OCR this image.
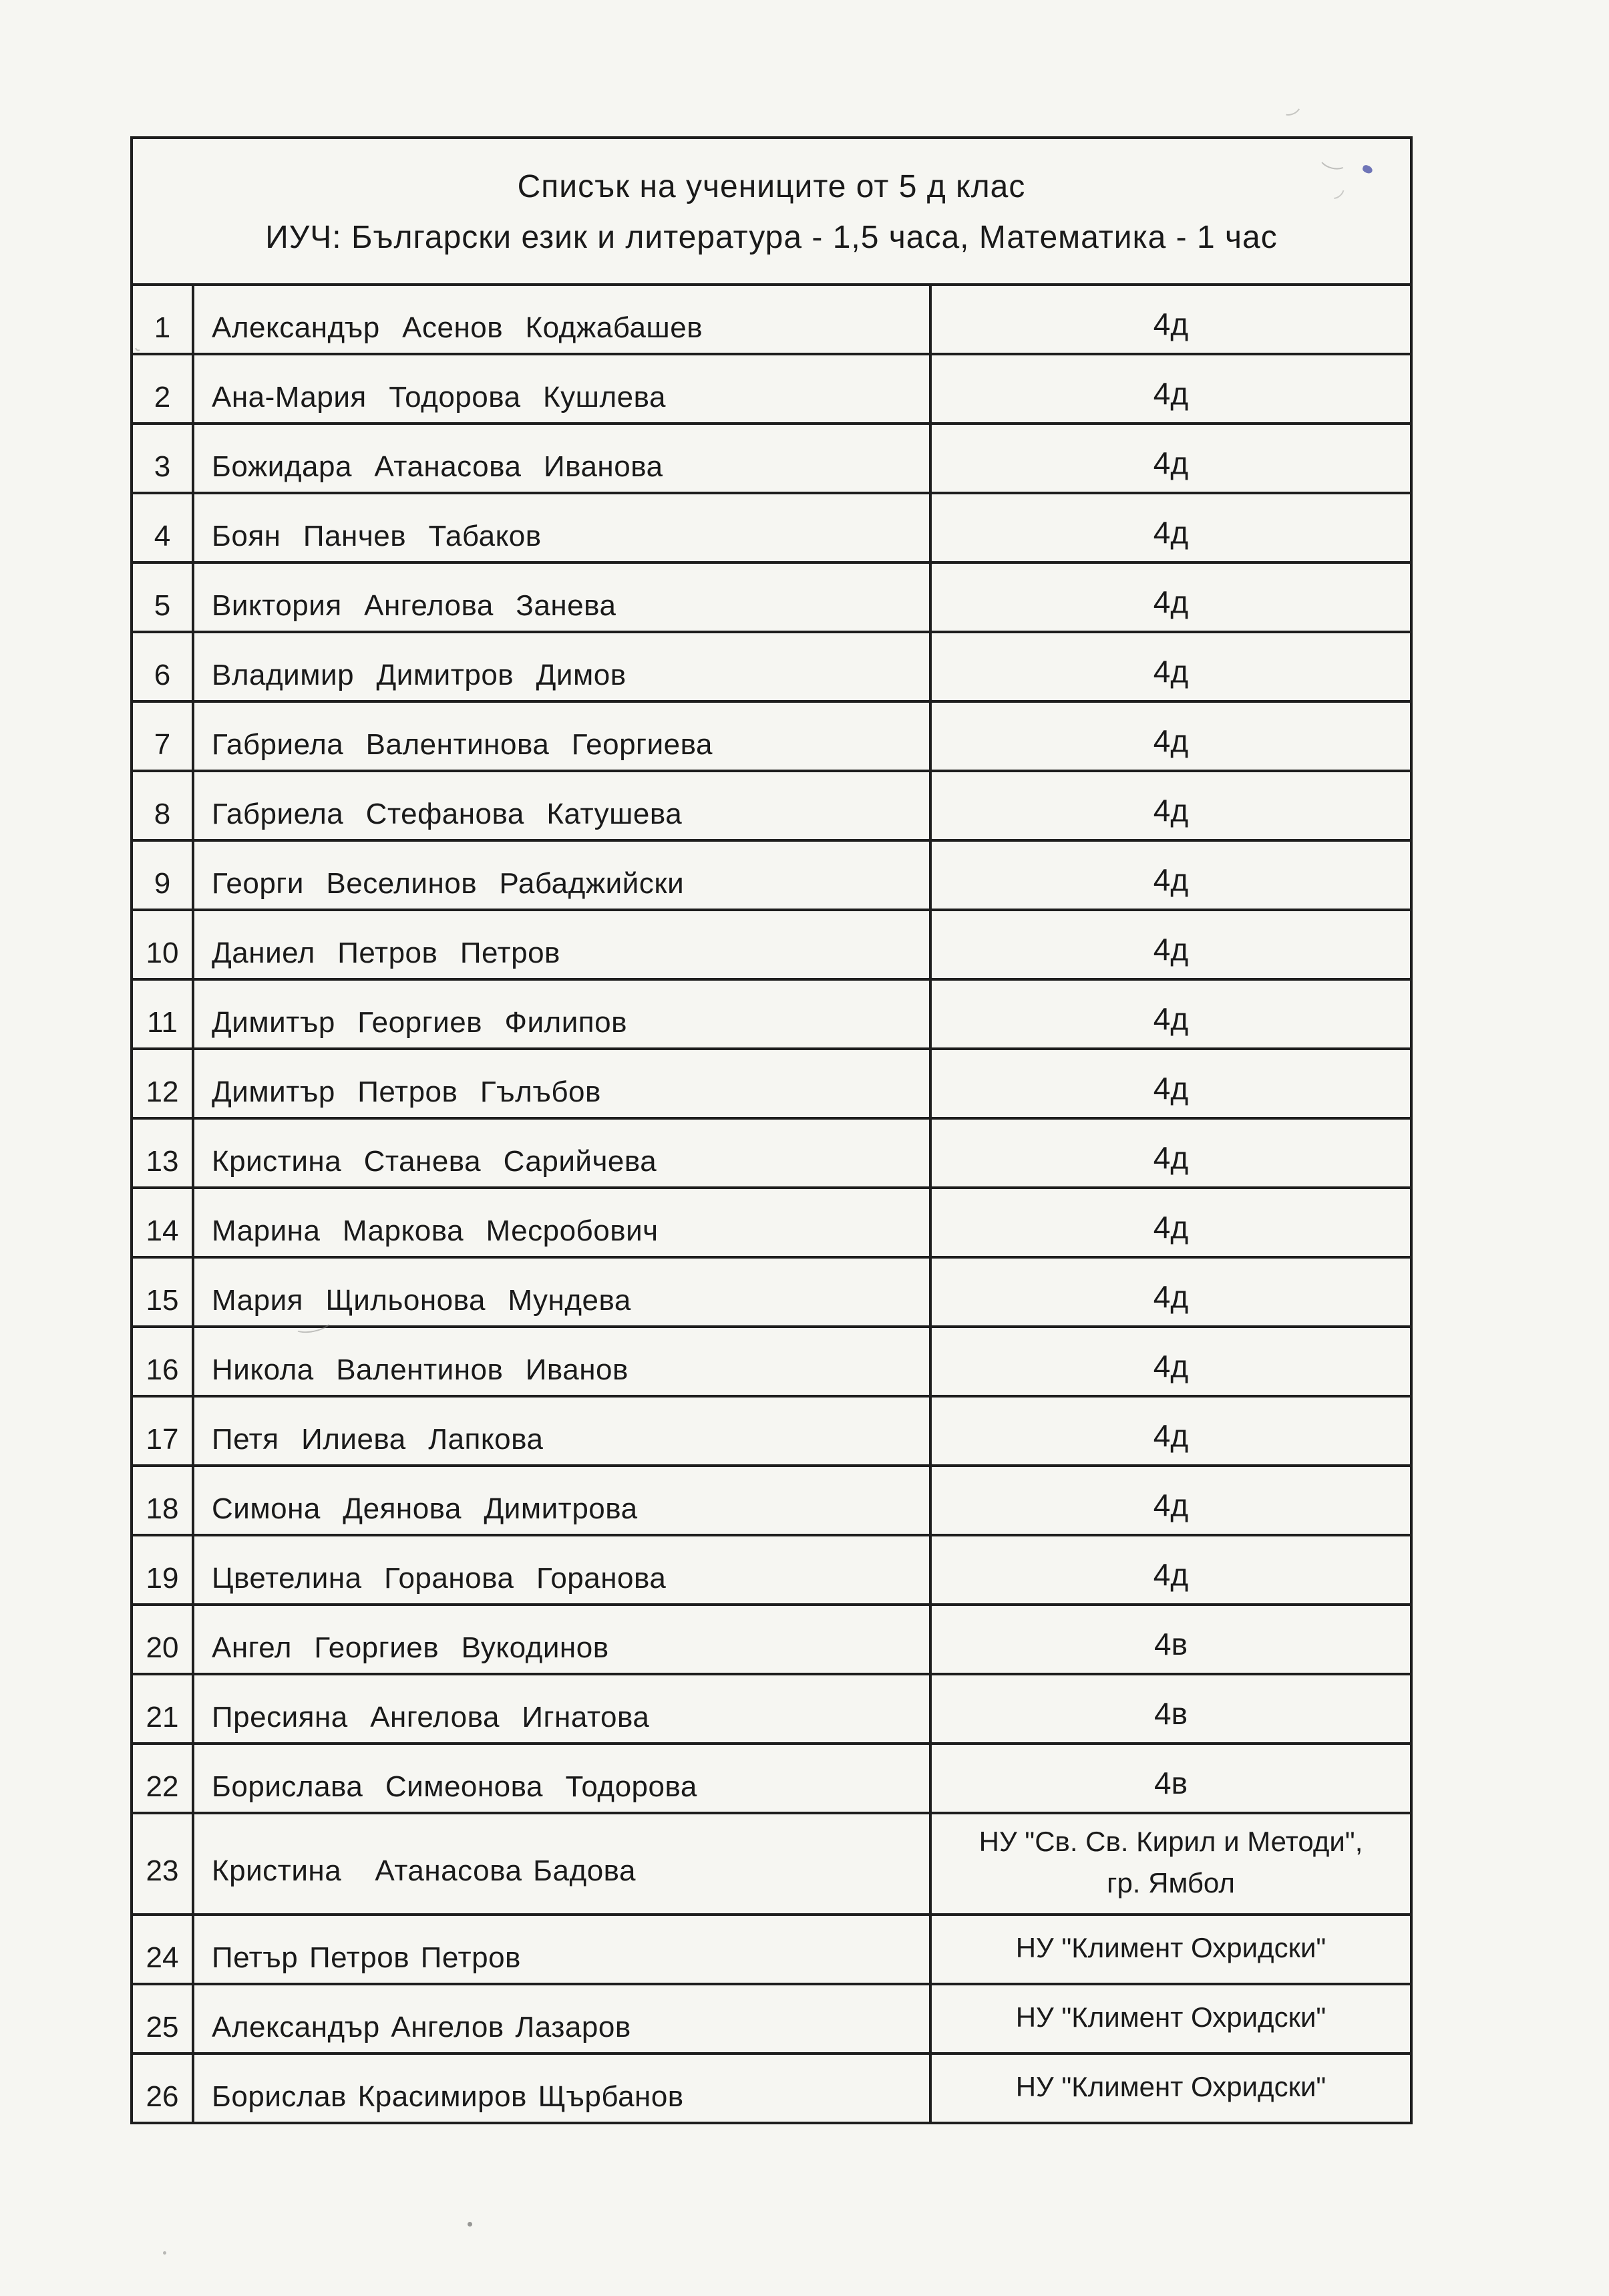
Списък на учениците от 5 д клас
ИУЧ: Български език и литература - 1,5 часа, Математика - 1 час		

1	Александър  Асенов  Коджабашев	4д

2	Ана-Мария  Тодорова  Кушлева	4д

3	Божидара  Атанасова  Иванова	4д

4	Боян  Панчев  Табаков	4д

5	Виктория  Ангелова  Занева	4д

6	Владимир  Димитров  Димов	4д

7	Габриела  Валентинова  Георгиева	4д

8	Габриела  Стефанова  Катушева	4д

9	Георги  Веселинов  Рабаджийски	4д

10	Даниел  Петров  Петров	4д

11	Димитър  Георгиев  Филипов	4д

12	Димитър  Петров  Гълъбов	4д

13	Кристина  Станева  Сарийчева	4д

14	Марина  Маркова  Месробович	4д

15	Мария  Щильонова  Мундева	4д

16	Никола  Валентинов  Иванов	4д

17	Петя  Илиева  Лапкова	4д

18	Симона  Деянова  Димитрова	4д

19	Цветелина  Горанова  Горанова	4д

20	Ангел  Георгиев  Вукодинов	4в

21	Пресияна  Ангелова  Игнатова	4в

22	Борислава  Симеонова  Тодорова	4в

23	Кристина   Атанасова Бадова	НУ "Св. Св. Кирил и Методи",
гр. Ямбол

24	Петър Петров Петров	НУ "Климент Охридски"

25	Александър Ангелов Лазаров	НУ "Климент Охридски"

26	Борислав Красимиров Щърбанов	НУ "Климент Охридски"
